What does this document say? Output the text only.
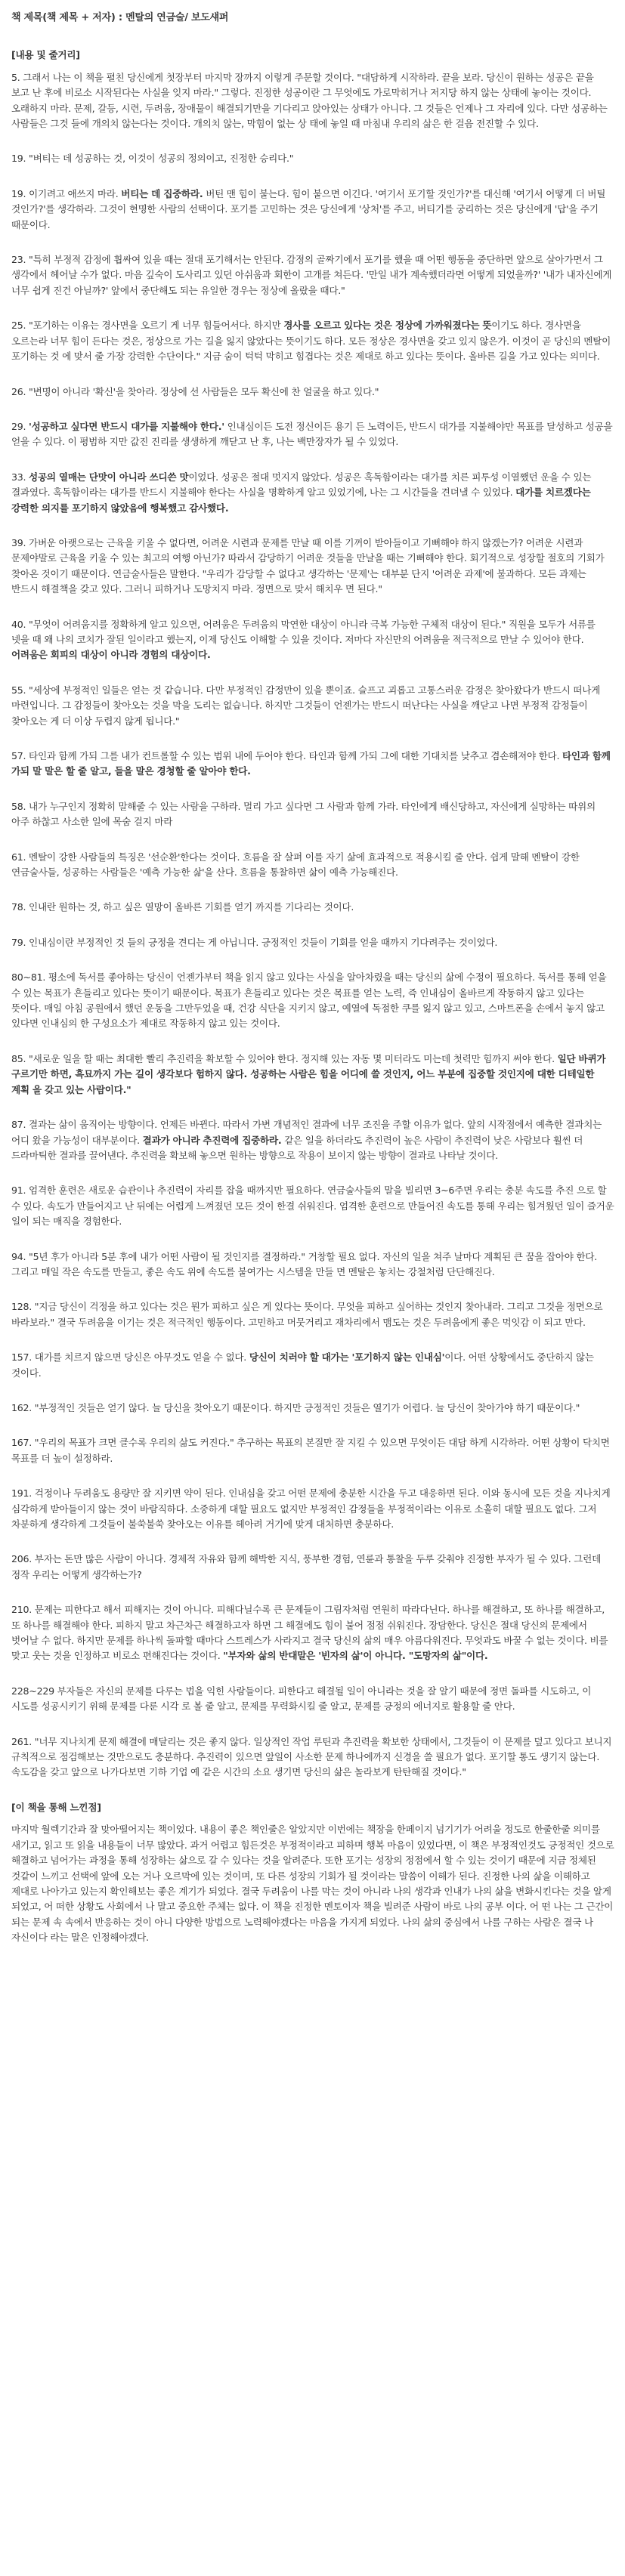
책 제목(책 제목 + 저자) : 멘탈의 연금술/ 보도섀퍼
[내용 및 줄거리]
5. 그래서 나는 이 책을 펼친 당신에게 첫장부터 마지막 장까지 이렇게 주문할 것이다. "대담하게 시작하라. 끝을 보라. 당신이 원하는 성공은 끝을 보고 난 후에 비로소 시작된다는 사실을 잊지 마라." 그렇다. 진정한 성공이란 그 무엇에도 가로막히거나 저지당 하지 않는 상태에 놓이는 것이다. 오래하지 마라. 문제, 갈등, 시련, 두려움, 장애물이 해결되기만을 기다리고 앉아있는 상태가 아니다. 그 것들은 언제나 그 자리에 있다. 다만 성공하는 사람들은 그것 들에 개의치 않는다는 것이다. 개의치 않는, 막힘이 없는 상 태에 놓일 때 마침내 우리의 삶은 한 걸음 전진할 수 있다.
19. "벼티는 데 성공하는 것, 이것이 성공의 정의이고, 진정한 승리다."
19. 이기려고 애쓰지 마라. 버티는 데 집중하라. 버틴 맨 힘이 붙는다. 힘이 붙으면 이긴다. '여기서 포기할 것인가?'를 대신해 '여기서 어떻게 더 버틸 것인가?'를 생각하라. 그것이 현명한 사람의 선택이다. 포기를 고민하는 것은 당신에게 '상처'를 주고, 버티기를 궁리하는 것은 당신에게 '답'을 주기 때문이다.
23. "특히 부정적 감정에 휩싸여 있을 때는 절대 포기해서는 안된다. 감정의 골짜기에서 포기를 했을 때 어떤 행동을 중단하면 앞으로 살아가면서 그 생각에서 헤어날 수가 없다. 마음 깊숙이 도사리고 있던 아쉬움과 회한이 고개를 쳐든다. '만일 내가 계속했더라면 어떻게 되었을까?' '내가 내자신에게 너무 쉽게 진건 아닐까?' 앞에서 중단해도 되는 유일한 경우는 정상에 올랐을 때다."
25. "포기하는 이유는 경사면을 오르기 게 너무 힘들어서다. 하지만 경사를 오르고 있다는 것은 정상에 가까워졌다는 뜻이기도 하다. 경사면을 오르는라 너무 힘이 든다는 것은, 정상으로 가는 길을 잃지 않았다는 뜻이기도 하다. 모든 정상은 경사면을 갖고 있지 않은가. 이것이 곧 당신의 멘탈이 포기하는 것 에 맞서 줄 가장 강력한 수단이다." 지금 숨이 턱턱 막히고 힘겹다는 것은 제대로 하고 있다는 뜻이다. 올바른 길을 가고 있다는 의미다.
26. "변명이 아니라 '확신'을 찾아라. 정상에 선 사람들은 모두 확신에 찬 얼굴을 하고 있다."
29. '성공하고 싶다면 반드시 대가를 지불해야 한다.' 인내심이든 도전 정신이든 용기 든 노력이든, 반드시 대가를 지불해야만 목표를 달성하고 성공을 얻을 수 있다. 이 평범하 지만 값진 진리를 생생하게 깨닫고 난 후, 나는 백만장자가 될 수 있었다.
33. 성공의 열매는 단맛이 아니라 쓰디쓴 맛이었다. 성공은 절대 멋지지 않았다. 성공은 혹독함이라는 대가를 치른 피투성 이열쨌던 운을 수 있는 결과였다. 혹독함이라는 대가를 반드시 지불해야 한다는 사실을 명확하게 알고 있었기에, 나는 그 시간들을 견뎌낼 수 있었다. 대가를 치르겠다는 강력한 의지를 포기하지 않았음에 행복했고 감사했다.
39. 가벼운 아랫으로는 근육을 키울 수 없다면, 어려운 시련과 문제를 만날 때 이를 기꺼이 받아들이고 기뻐해야 하지 않겠는가? 어려운 시련과 문제야말로 근육을 키울 수 있는 최고의 여행 아닌가? 따라서 감당하기 어려운 것들을 만날을 때는 기뻐해야 한다. 회기적으로 성장할 절호의 기회가 찾아온 것이기 때문이다. 연금술사들은 말한다. "우리가 감당할 수 없다고 생각하는 '문제'는 대부분 단지 '어려운 과제'에 불과하다. 모든 과제는 반드시 해결책을 갖고 있다. 그러니 피하거나 도망치지 마라. 정면으로 맞서 해치우 면 된다."
40. "무엇이 어려움지를 정확하게 알고 있으면, 어려움은 두려움의 막연한 대상이 아니라 극복 가능한 구체적 대상이 된다." 직원을 모두가 서류를 넷을 때 왜 나의 코치가 잘된 일이라고 했는지, 이제 당신도 이해할 수 있을 것이다. 저마다 자신만의 어려움을 적극적으로 만날 수 있어야 한다. 어려움은 회피의 대상이 아니라 경험의 대상이다.
55. "세상에 부정적인 일들은 얻는 것 같습니다. 다만 부정적인 감정만이 있을 뿐이죠. 슬프고 괴롭고 고통스러운 감정은 찾아왔다가 반드시 떠나게 마련입니다. 그 감정들이 찾아오는 것을 막을 도리는 없습니다. 하지만 그것들이 언젠가는 반드시 떠난다는 사실을 깨닫고 나면 부정적 감정들이 찾아오는 게 더 이상 두렵지 않게 됩니다."
57. 타인과 함께 가되 그를 내가 컨트롤할 수 있는 범위 내에 두어야 한다. 타인과 함께 가되 그에 대한 기대치를 낮추고 겸손해져야 한다. 타인과 함께 가되 말 말은 할 줄 알고, 들을 말은 경청할 줄 알아야 한다.
58. 내가 누구인지 정확히 말해줄 수 있는 사람을 구하라. 멀리 가고 싶다면 그 사람과 함께 가라. 타인에게 배신당하고, 자신에게 실망하는 따위의 아주 하찮고 사소한 일에 목숨 걸지 마라
61. 멘탈이 강한 사람들의 특징은 '선순환'한다는 것이다. 흐름을 잘 살펴 이를 자기 삶에 효과적으로 적용시킬 줄 안다. 쉽게 말해 멘탈이 강한 연금술사들, 성공하는 사람들은 '예측 가능한 삶'을 산다. 흐름을 통찰하면 삶이 예측 가능해진다.
78. 인내란 원하는 것, 하고 싶은 열망이 올바른 기회를 얻기 까지를 기다리는 것이다.
79. 인내심이란 부정적인 것 들의 긍정을 견디는 게 아닙니다. 긍정적인 것들이 기회를 얻을 때까지 기다려주는 것이었다.
80~81. 평소에 독서를 좋아하는 당신이 언젠가부터 책을 읽지 않고 있다는 사실을 알아차렸을 때는 당신의 삶에 수정이 필요하다. 독서를 통해 얻을 수 있는 목표가 흔들리고 있다는 뜻이기 때문이다. 목표가 흔들리고 있다는 것은 목표를 얻는 노력, 즉 인내심이 올바르게 작동하지 않고 있다는 뜻이다. 매일 아침 공원에서 했던 운동을 그만두었을 때, 건강 식단을 지키지 않고, 예열에 독점한 쿠를 잃지 않고 있고, 스마트폰을 손에서 놓지 않고 있다면 인내심의 한 구성요소가 제대로 작동하지 않고 있는 것이다.
85. "새로운 일을 할 때는 최대한 빨리 추진력을 확보할 수 있어야 한다. 정지해 있는 자동 몇 미터라도 미는데 첫력만 힘까지 써야 한다. 일단 바퀴가 구르기만 하면, 흑묘까지 가는 길이 생각보다 험하지 않다. 성공하는 사람은 힘을 어디에 쓸 것인지, 어느 부분에 집중할 것인지에 대한 디테일한 계획 을 갖고 있는 사람이다."
87. 결과는 삶이 움직이는 방향이다. 언제든 바뀐다. 따라서 가변 개념적인 결과에 너무 조진을 주할 이유가 없다. 앞의 시작점에서 예측한 결과치는 어디 왔을 가능성이 대부분이다. 결과가 아니라 추진력에 집중하라. 같은 일을 하더라도 추진력이 높은 사람이 추진력이 낮은 사람보다 훨씬 더 드라마틱한 결과를 끌어낸다. 추진력을 확보해 놓으면 원하는 방향으로 작용이 보이지 않는 방향이 결과로 나타날 것이다.
91. 엄격한 훈련은 새로운 습관이나 추진력이 자리를 잡을 때까지만 필요하다. 연금술사들의 말을 빌리면 3~6주면 우리는 충분 속도를 추진 으로 할 수 있다. 속도가 만들어지고 난 뒤에는 어렵게 느껴졌던 모든 것이 한결 쉬워진다. 엄격한 훈련으로 만들어진 속도를 통해 우리는 힘겨웠던 일이 즐거운 일이 되는 매직을 경험한다.
94. "5년 후가 아니라 5분 후에 내가 어떤 사람이 될 것인지를 결정하라." 거창할 필요 없다. 자신의 일을 쳐주 날마다 계획된 큰 꿈을 잡아야 한다. 그리고 매일 작은 속도를 만들고, 좋은 속도 위에 속도를 붙여가는 시스템을 만들 면 멘탈은 놓치는 강철처럼 단단해진다.
128. "지금 당신이 걱정을 하고 있다는 것은 뭔가 피하고 싶은 게 있다는 뜻이다. 무엇을 피하고 싶어하는 것인지 찾아내라. 그리고 그것을 정면으로 바라보라." 결국 두려움을 이기는 것은 적극적인 행동이다. 고민하고 머뭇거리고 재차리에서 맴도는 것은 두려움에게 좋은 먹잇감 이 되고 만다.
157. 대가를 치르지 않으면 당신은 아무것도 얻을 수 없다. 당신이 치러야 할 대가는 '포기하지 않는 인내심'이다. 어떤 상황에서도 중단하지 않는 것이다.
162. "부정적인 것들은 얻기 않다. 늘 당신을 찾아오기 때문이다. 하지만 긍정적인 것들은 열기가 어렵다. 늘 당신이 찾아가야 하기 때문이다."
167. "우리의 목표가 크면 클수록 우리의 삶도 커진다." 추구하는 목표의 본질만 잘 지킬 수 있으면 무엇이든 대담 하게 시각하라. 어떤 상황이 닥치면 목표를 더 높이 설정하라.
191. 걱정이나 두려움도 용량만 잘 지키면 약이 된다. 인내심을 갖고 어떤 문제에 충분한 시간을 두고 대응하면 된다. 이와 동시에 모든 것을 지나치게 심각하게 받아들이지 않는 것이 바람직하다. 소중하게 대할 필요도 없지만 부정적인 감정들을 부정적이라는 이유로 소홀히 대할 필요도 없다. 그저 차분하게 생각하게 그것들이 불쑥불쑥 찾아오는 이유를 헤아려 거기에 맞게 대처하면 충분하다.
206. 부자는 돈만 많은 사람이 아니다. 경제적 자유와 함께 해박한 지식, 풍부한 경험, 연륜과 통찰을 두루 갖춰야 진정한 부자가 될 수 있다. 그런데 정작 우리는 어떻게 생각하는가?
210. 문제는 피한다고 해서 피해지는 것이 아니다. 피해다닐수록 큰 문제들이 그림자처럼 연원히 따라다닌다. 하나를 해결하고, 또 하나를 해결하고, 또 하나를 해결해야 한다. 피하지 말고 차근차근 해결하고자 하면 그 해결에도 힘이 붙어 점점 쉬워진다. 장담한다. 당신은 절대 당신의 문제에서 벗어날 수 없다. 하지만 문제를 하나씩 돌파할 때마다 스트레스가 사라지고 결국 당신의 삶의 매우 아름다워진다. 무엇과도 바꿀 수 없는 것이다. 비를 맞고 웃는 것을 인정하고 비로소 편해진다는 것이다. "부자와 삶의 반대말은 '빈자의 삶'이 아니다. "도망자의 삶"이다.
228~229 부자들은 자신의 문제를 다루는 법을 익힌 사람들이다. 피한다고 해결될 일이 아니라는 것을 잘 알기 때문에 정면 돌파를 시도하고, 이 시도를 성공시키기 위해 문제를 다룬 시각 로 볼 줄 알고, 문제를 무력화시킬 줄 알고, 문제를 긍정의 에너지로 활용할 줄 안다.
261. "너무 지나치게 문제 해결에 매달리는 것은 좋지 않다. 일상적인 작업 루틴과 추진력을 확보한 상태에서, 그것들이 이 문제를 덮고 있다고 보니지 규칙적으로 점검해보는 것만으로도 충분하다. 추진력이 있으면 앞일이 사소한 문제 하나에까지 신경을 쓸 필요가 없다. 포기할 통도 생기지 않는다. 속도감을 갖고 앞으로 나가다보면 기하 기업 예 같은 시간의 소요 생기면 당신의 삶은 놀라보게 탄탄해질 것이다."
[이 책을 통해 느낀점]
마지막 월렉기간과 잘 맞아떨어지는 책이었다. 내용이 좋은 책인줄은 알았지만 이번에는 책장을 한페이지 넘기기가 어려울 정도로 한줄한줄 의미를 새기고, 읽고 또 읽을 내용들이 너무 많았다. 과거 어렵고 힘든것은 부정적이라고 피하며 행복 마음이 있었다면, 이 책은 부정적인것도 긍정적인 것으로 해결하고 넘어가는 과정을 통해 성장하는 삶으로 갈 수 있다는 것을 알려준다. 또한 포기는 성장의 정점에서 할 수 있는 것이기 때문에 지금 정체된 것같이 느끼고 선택에 앞에 오는 거나 오르막에 있는 것이며, 또 다른 성장의 기회가 될 것이라는 말씀이 이해가 된다. 진정한 나의 삶을 이해하고 제대로 나아가고 있는지 확인해보는 좋은 계기가 되었다. 결국 두려움이 나를 막는 것이 아니라 나의 생각과 인내가 나의 삶을 변화시킨다는 것을 알게 되었고, 어 떠한 상황도 사회에서 나 말고 중요한 주체는 없다. 이 책을 진정한 멘토이자 책을 빌려준 사람이 바로 나의 공부 이다. 어 떤 나는 그 근간이 되는 문제 속 속에서 반응하는 것이 아니 다양한 방법으로 노력해야겠다는 마음을 가지게 되었다. 나의 삶의 중심에서 나를 구하는 사람은 결국 나 자신이다 라는 말은 인정해야겠다.
